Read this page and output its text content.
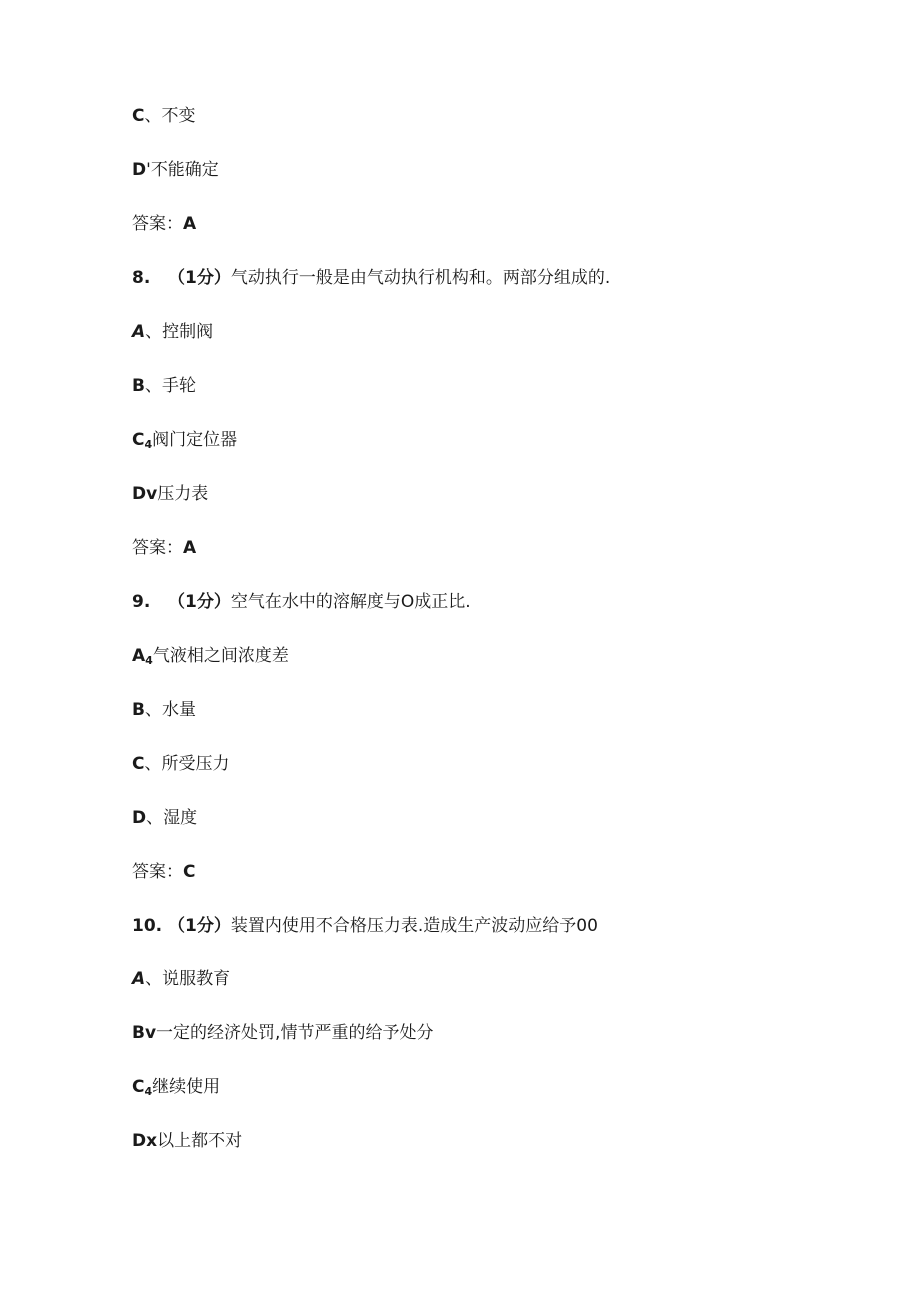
C、不变
D'不能确定
答案：A
8. （1分）气动执行一般是由气动执行机构和。两部分组成的.
A、控制阀
B、手轮
$C_4$阀门定位器
Dv压力表
答案：A
9. （1分）空气在水中的溶解度与O成正比.
$A_4$气液相之间浓度差
B、水量
C、所受压力
D、湿度
答案：C
10. （1分）装置内使用不合格压力表.造成生产波动应给予00
A、说服教育
Bv一定的经济处罚,情节严重的给予处分
$C_4$继续使用
Dx以上都不对
